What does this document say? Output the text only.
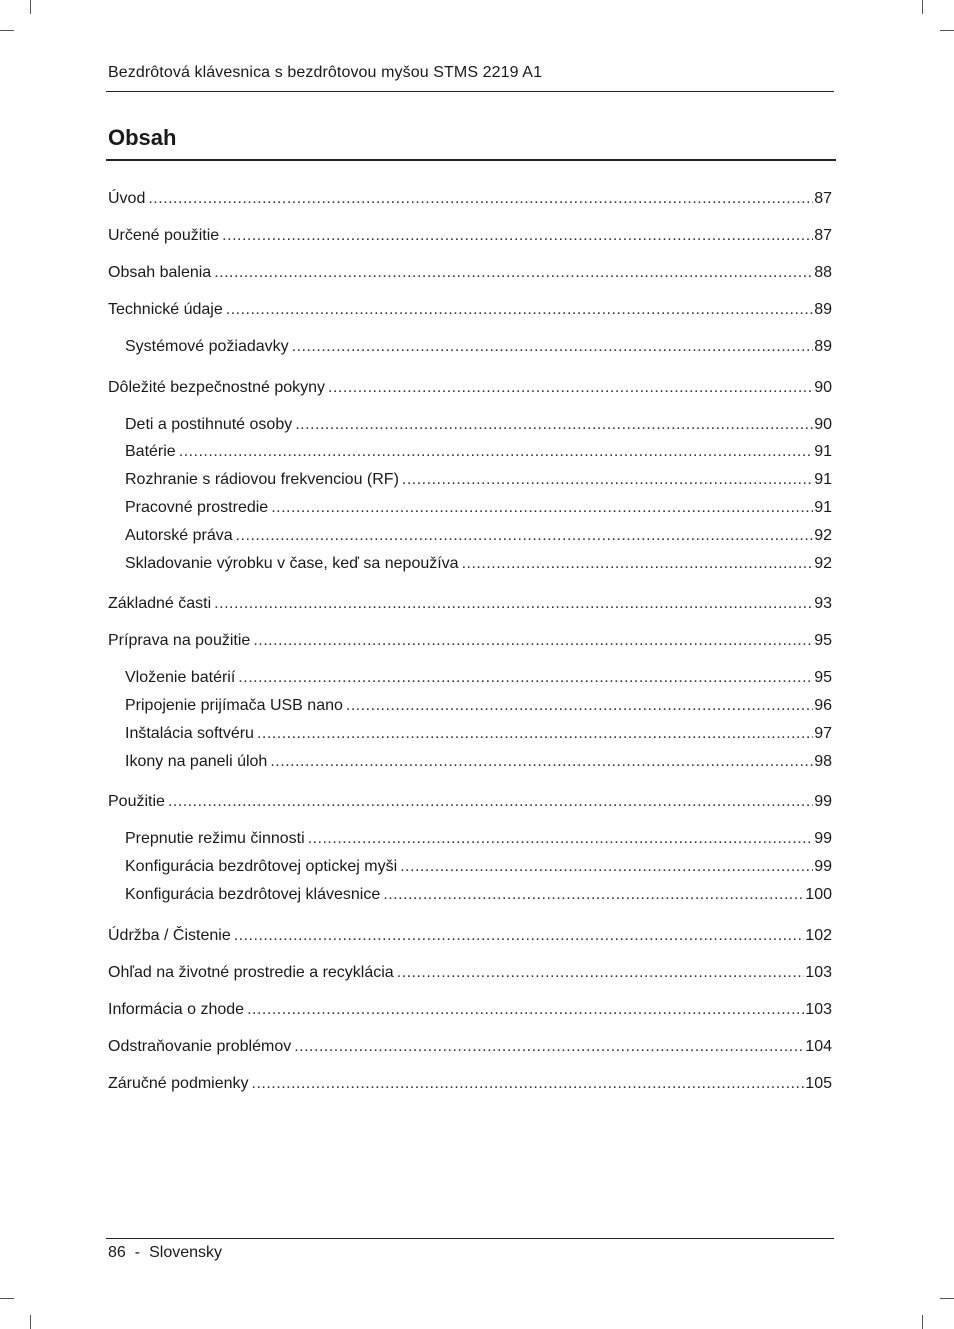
Bezdrôtová klávesnica s bezdrôtovou myšou STMS 2219 A1
Obsah
Úvod .....	87
Určené použitie .....	87
Obsah balenia .....	88
Technické údaje .....	89
Systémové požiadavky .....	89
Dôležité bezpečnostné pokyny .....	90
Deti a postihnuté osoby .....	90
Batérie .....	91
Rozhranie s rádiovou frekvenciou (RF) .....	91
Pracovné prostredie .....	91
Autorské práva .....	92
Skladovanie výrobku v čase, keď sa nepoužíva .....	92
Základné časti .....	93
Príprava na použitie .....	95
Vloženie batérií .....	95
Pripojenie prijímača USB nano .....	96
Inštalácia softvéru .....	97
Ikony na paneli úloh .....	98
Použitie .....	99
Prepnutie režimu činnosti .....	99
Konfigurácia bezdrôtovej optickej myši .....	99
Konfigurácia bezdrôtovej klávesnice .....	100
Údržba / Čistenie .....	102
Ohľad na životné prostredie a recyklácia .....	103
Informácia o zhode .....	103
Odstraňovanie problémov .....	104
Záručné podmienky .....	105
86 - Slovensky
